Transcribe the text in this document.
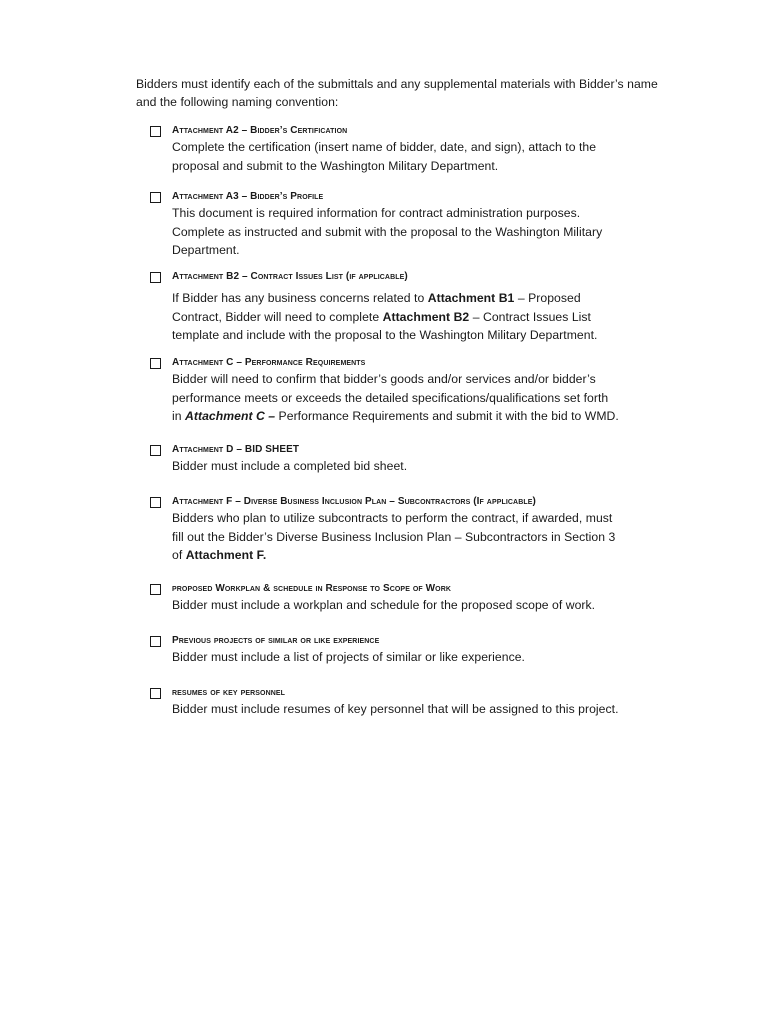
Bidders must identify each of the submittals and any supplemental materials with Bidder’s name
and the following naming convention:
Attachment A2 – Bidder’s Certification
Complete the certification (insert name of bidder, date, and sign), attach to the
proposal and submit to the Washington Military Department.
Attachment A3 – Bidder’s Profile
This document is required information for contract administration purposes.
Complete as instructed and submit with the proposal to the Washington Military
Department.
Attachment B2 – Contract Issues List (if applicable)
If Bidder has any business concerns related to Attachment B1 – Proposed
Contract, Bidder will need to complete Attachment B2 – Contract Issues List
template and include with the proposal to the Washington Military Department.
Attachment C – Performance Requirements
Bidder will need to confirm that bidder’s goods and/or services and/or bidder’s
performance meets or exceeds the detailed specifications/qualifications set forth
in Attachment C – Performance Requirements and submit it with the bid to WMD.
Attachment D – BID SHEET
Bidder must include a completed bid sheet.
Attachment F – Diverse Business Inclusion Plan – Subcontractors (If applicable)
Bidders who plan to utilize subcontracts to perform the contract, if awarded, must
fill out the Bidder’s Diverse Business Inclusion Plan – Subcontractors in Section 3
of Attachment F.
proposed Workplan & schedule in Response to Scope of Work
Bidder must include a workplan and schedule for the proposed scope of work.
Previous projects of similar or like experience
Bidder must include a list of projects of similar or like experience.
resumes of key personnel
Bidder must include resumes of key personnel that will be assigned to this project.
